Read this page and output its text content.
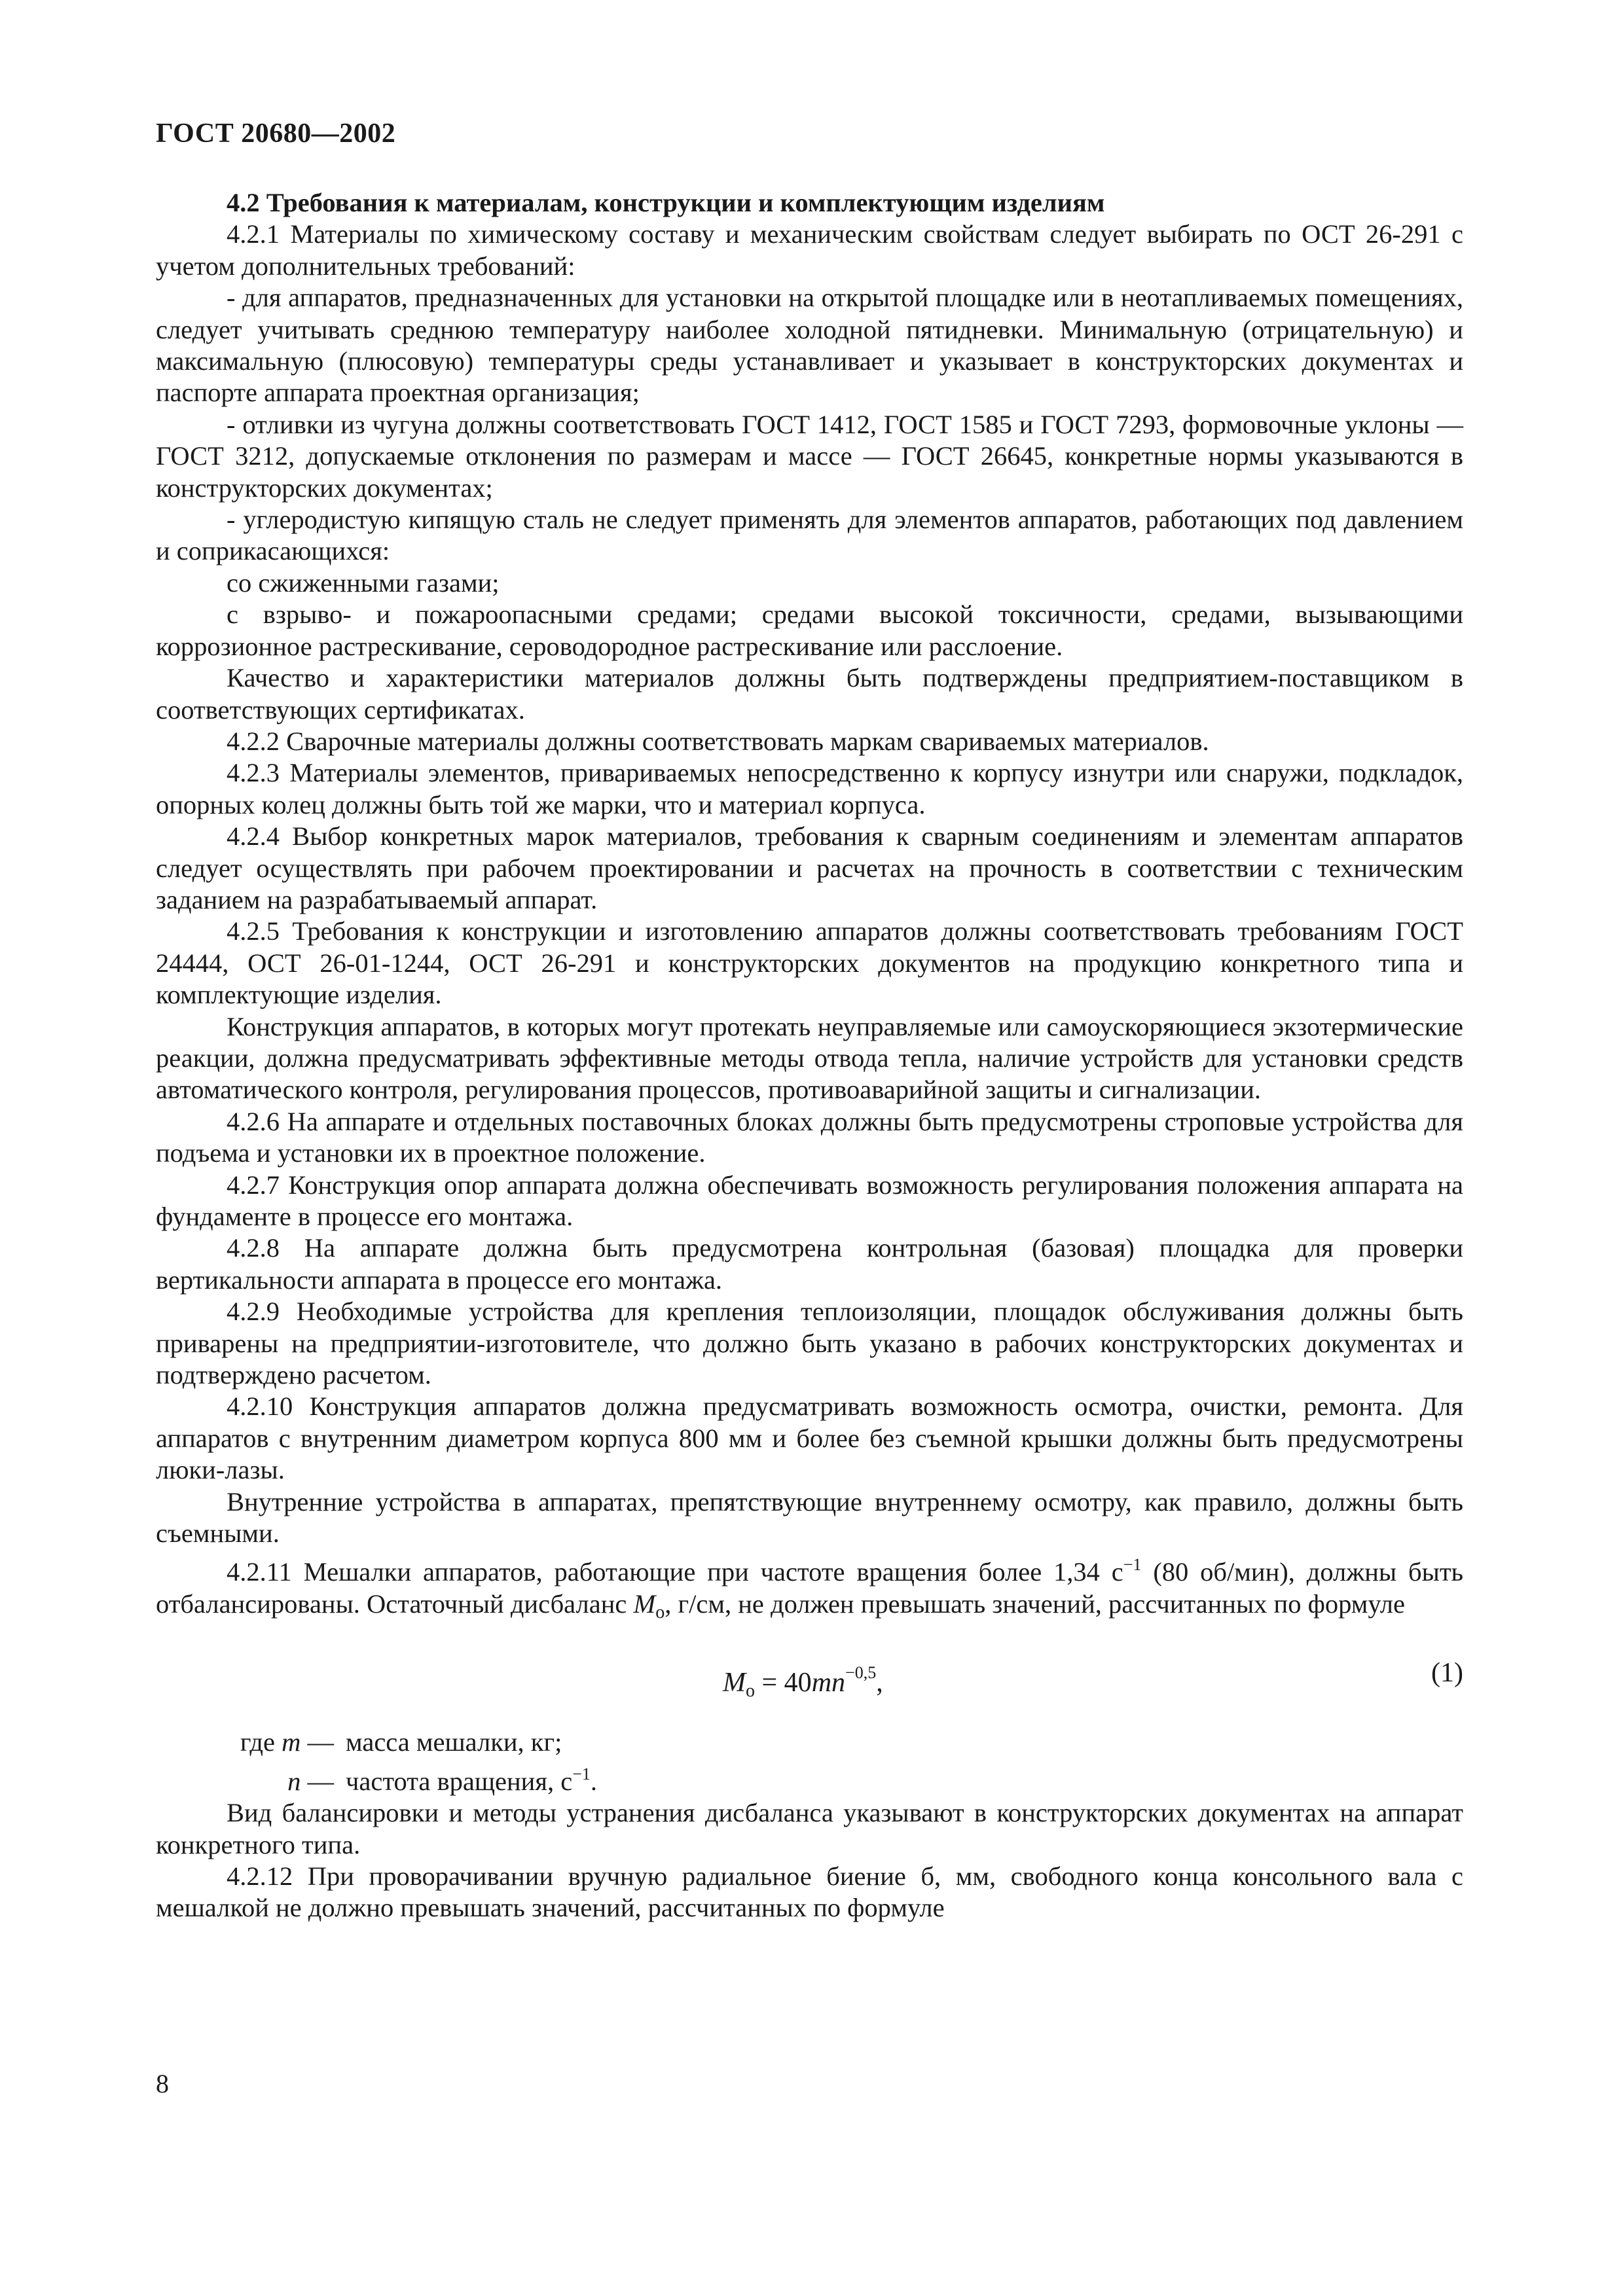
ГОСТ 20680—2002

4.2 Требования к материалам, конструкции и комплектующим изделиям

4.2.1 Материалы по химическому составу и механическим свойствам следует выбирать по ОСТ 26-291 с учетом дополнительных требований:

- для аппаратов, предназначенных для установки на открытой площадке или в неотапливаемых помещениях, следует учитывать среднюю температуру наиболее холодной пятидневки. Минимальную (отрицательную) и максимальную (плюсовую) температуры среды устанавливает и указывает в конструкторских документах и паспорте аппарата проектная организация;

- отливки из чугуна должны соответствовать ГОСТ 1412, ГОСТ 1585 и ГОСТ 7293, формовочные уклоны — ГОСТ 3212, допускаемые отклонения по размерам и массе — ГОСТ 26645, конкретные нормы указываются в конструкторских документах;

- углеродистую кипящую сталь не следует применять для элементов аппаратов, работающих под давлением и соприкасающихся:

со сжиженными газами;

с взрыво- и пожароопасными средами; средами высокой токсичности, средами, вызывающими коррозионное растрескивание, сероводородное растрескивание или расслоение.

Качество и характеристики материалов должны быть подтверждены предприятием-поставщиком в соответствующих сертификатах.

4.2.2 Сварочные материалы должны соответствовать маркам свариваемых материалов.

4.2.3 Материалы элементов, привариваемых непосредственно к корпусу изнутри или снаружи, подкладок, опорных колец должны быть той же марки, что и материал корпуса.

4.2.4 Выбор конкретных марок материалов, требования к сварным соединениям и элементам аппаратов следует осуществлять при рабочем проектировании и расчетах на прочность в соответствии с техническим заданием на разрабатываемый аппарат.

4.2.5 Требования к конструкции и изготовлению аппаратов должны соответствовать требованиям ГОСТ 24444, ОСТ 26-01-1244, ОСТ 26-291 и конструкторских документов на продукцию конкретного типа и комплектующие изделия.

Конструкция аппаратов, в которых могут протекать неуправляемые или самоускоряющиеся экзотермические реакции, должна предусматривать эффективные методы отвода тепла, наличие устройств для установки средств автоматического контроля, регулирования процессов, противоаварийной защиты и сигнализации.

4.2.6 На аппарате и отдельных поставочных блоках должны быть предусмотрены строповые устройства для подъема и установки их в проектное положение.

4.2.7 Конструкция опор аппарата должна обеспечивать возможность регулирования положения аппарата на фундаменте в процессе его монтажа.

4.2.8 На аппарате должна быть предусмотрена контрольная (базовая) площадка для проверки вертикальности аппарата в процессе его монтажа.

4.2.9 Необходимые устройства для крепления теплоизоляции, площадок обслуживания должны быть приварены на предприятии-изготовителе, что должно быть указано в рабочих конструкторских документах и подтверждено расчетом.

4.2.10 Конструкция аппаратов должна предусматривать возможность осмотра, очистки, ремонта. Для аппаратов с внутренним диаметром корпуса 800 мм и более без съемной крышки должны быть предусмотрены люки-лазы.

Внутренние устройства в аппаратах, препятствующие внутреннему осмотру, как правило, должны быть съемными.

4.2.11 Мешалки аппаратов, работающие при частоте вращения более 1,34 $с^{-1}$ (80 об/мин), должны быть отбалансированы. Остаточный дисбаланс $M_о$, г/см, не должен превышать значений, рассчитанных по формуле

$M_о = 40mn^{-0,5}$,	(1)
где m — масса мешалки, кг;
n — частота вращения, $с^{-1}$.

Вид балансировки и методы устранения дисбаланса указывают в конструкторских документах на аппарат конкретного типа.

4.2.12 При проворачивании вручную радиальное биение б, мм, свободного конца консольного вала с мешалкой не должно превышать значений, рассчитанных по формуле

8
